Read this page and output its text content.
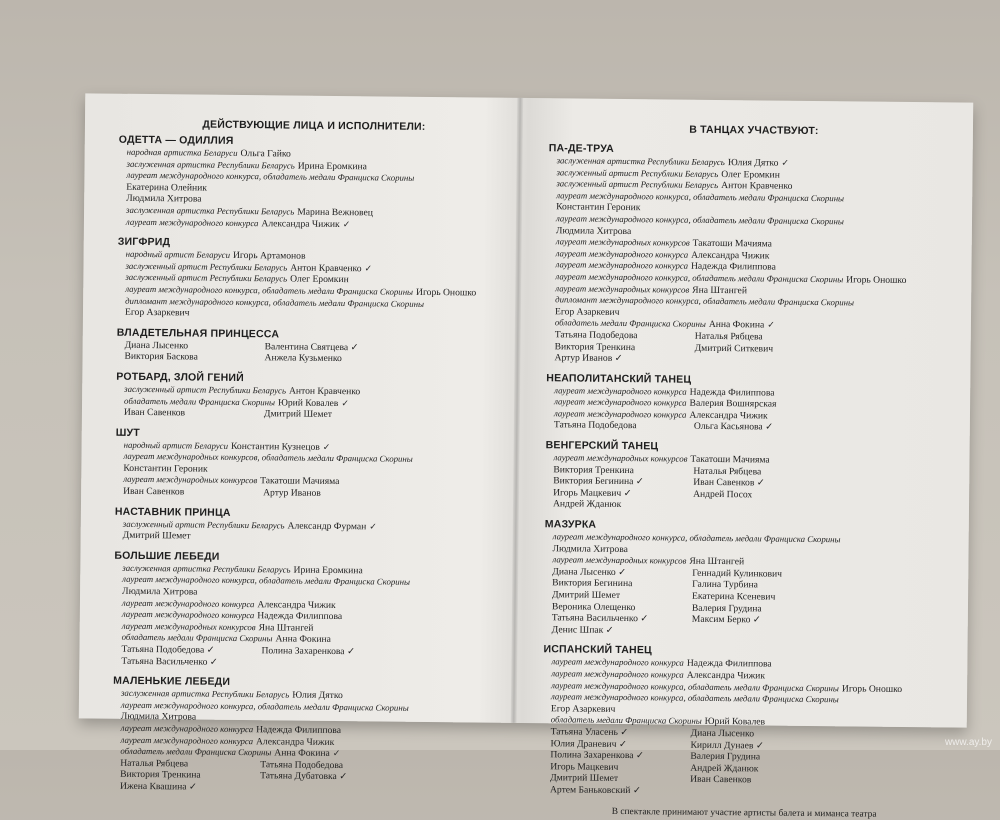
ДЕЙСТВУЮЩИЕ ЛИЦА И ИСПОЛНИТЕЛИ:
ОДЕТТА — ОДИЛЛИЯ
народная артистка Беларуси Ольга Гайко
заслуженная артистка Республики Беларусь Ирина Еромкина
лауреат международного конкурса, обладатель медали Франциска Скорины
Екатерина Олейник
Людмила Хитрова
заслуженная артистка Республики Беларусь Марина Вежновец
лауреат международного конкурса Александра Чижик ✓
ЗИГФРИД
народный артист Беларуси Игорь Артамонов
заслуженный артист Республики Беларусь Антон Кравченко ✓
заслуженный артист Республики Беларусь Олег Еромкин
лауреат международного конкурса, обладатель медали Франциска Скорины Игорь Оношко
дипломант международного конкурса, обладатель медали Франциска Скорины
Егор Азаркевич
ВЛАДЕТЕЛЬНАЯ ПРИНЦЕССА
Диана Лысенко	Валентина Святцева ✓
Виктория Баскова	Анжела Кузьменко
РОТБАРД, ЗЛОЙ ГЕНИЙ
заслуженный артист Республики Беларусь Антон Кравченко
обладатель медали Франциска Скорины Юрий Ковалев ✓
Иван Савенков	Дмитрий Шемет
ШУТ
народный артист Беларуси Константин Кузнецов ✓
лауреат международных конкурсов, обладатель медали Франциска Скорины
Константин Героник
лауреат международных конкурсов Такатоши Мачияма
Иван Савенков	Артур Иванов
НАСТАВНИК ПРИНЦА
заслуженный артист Республики Беларусь Александр Фурман ✓
Дмитрий Шемет
БОЛЬШИЕ ЛЕБЕДИ
заслуженная артистка Республики Беларусь Ирина Еромкина
лауреат международного конкурса, обладатель медали Франциска Скорины
Людмила Хитрова
лауреат международного конкурса Александра Чижик
лауреат международного конкурса Надежда Филиппова
лауреат международных конкурсов Яна Штангей
обладатель медали Франциска Скорины Анна Фокина
Татьяна Подобедова ✓	Полина Захаренкова ✓
Татьяна Васильченко ✓
МАЛЕНЬКИЕ ЛЕБЕДИ
заслуженная артистка Республики Беларусь Юлия Дятко
лауреат международного конкурса, обладатель медали Франциска Скорины
Людмила Хитрова
лауреат международного конкурса Надежда Филиппова
лауреат международного конкурса Александра Чижик
обладатель медали Франциска Скорины Анна Фокина ✓
Наталья Рябцева	Татьяна Подобедова
Виктория Тренкина	Татьяна Дубатовка ✓
Ижена Квашина ✓
В ТАНЦАХ УЧАСТВУЮТ:
ПА-ДЕ-ТРУА
заслуженная артистка Республики Беларусь Юлия Дятко ✓
заслуженный артист Республики Беларусь Олег Еромкин
заслуженный артист Республики Беларусь Антон Кравченко
лауреат международного конкурса, обладатель медали Франциска Скорины
Константин Героник
лауреат международного конкурса, обладатель медали Франциска Скорины
Людмила Хитрова
лауреат международных конкурсов Такатоши Мачияма
лауреат международного конкурса Александра Чижик
лауреат международного конкурса Надежда Филиппова
лауреат международного конкурса, обладатель медали Франциска Скорины Игорь Оношко
лауреат международных конкурсов Яна Штангей
дипломант международного конкурса, обладатель медали Франциска Скорины
Егор Азаркевич
обладатель медали Франциска Скорины Анна Фокина ✓
Татьяна Подобедова	Наталья Рябцева
Виктория Тренкина	Дмитрий Ситкевич
Артур Иванов ✓
НЕАПОЛИТАНСКИЙ ТАНЕЦ
лауреат международного конкурса Надежда Филиппова
лауреат международного конкурса Валерия Вошнярская
лауреат международного конкурса Александра Чижик
Татьяна Подобедова	Ольга Касьянова ✓
ВЕНГЕРСКИЙ ТАНЕЦ
лауреат международных конкурсов Такатоши Мачияма
Виктория Тренкина	Наталья Рябцева
Виктория Бегинина ✓	Иван Савенков ✓
Игорь Мацкевич ✓	Андрей Посох
Андрей Жданюк
МАЗУРКА
лауреат международного конкурса, обладатель медали Франциска Скорины
Людмила Хитрова
лауреат международных конкурсов Яна Штангей
Диана Лысенко ✓	Геннадий Кулинкович
Виктория Бегинина	Галина Турбина
Дмитрий Шемет	Екатерина Ксеневич
Вероника Олещенко	Валерия Грудина
Татьяна Васильченко ✓	Максим Берко ✓
Денис Шпак ✓
ИСПАНСКИЙ ТАНЕЦ
лауреат международного конкурса Надежда Филиппова
лауреат международного конкурса Александра Чижик
лауреат международного конкурса, обладатель медали Франциска Скорины Игорь Оношко
лауреат международного конкурса, обладатель медали Франциска Скорины
Егор Азаркевич
обладатель медали Франциска Скорины Юрий Ковалев
Татьяна Уласень ✓	Диана Лысенко
Юлия Драневич ✓	Кирилл Дунаев ✓
Полина Захаренкова ✓	Валерия Грудина
Игорь Мацкевич	Андрей Жданюк
Дмитрий Шемет	Иван Савенков
Артем Баньковский ✓
В спектакле принимают участие артисты балета и миманса театра
www.ay.by
